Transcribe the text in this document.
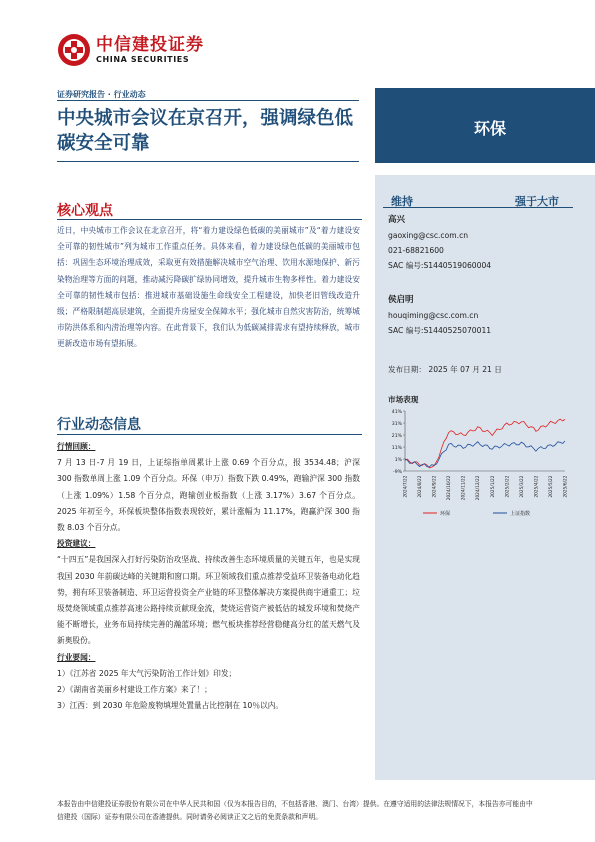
中信建投证券
CHINA SECURITIES
证券研究报告 · 行业动态
中央城市会议在京召开，强调绿色低碳安全可靠
环保
维持	强于大市
高兴
gaoxing@csc.com.cn
021-68821600
SAC 编号:S1440519060004
侯启明
houqiming@csc.com.cn
SAC 编号:S1440525070011
发布日期： 2025 年 07 月 21 日
市场表现
41%
31%
21%
11%
1%
-9%
2024/7/22 2024/8/22 2024/9/22 2024/10/22 2024/11/22 2024/12/22 2025/1/22 2025/2/22 2025/3/22 2025/4/22 2025/5/22 2025/6/22
环保	上证指数
核心观点
近日，中央城市工作会议在北京召开，将“着力建设绿色低碳的美丽城市”及“着力建设安全可靠的韧性城市”列为城市工作重点任务。具体来看，着力建设绿色低碳的美丽城市包括：巩固生态环境治理成效，采取更有效措施解决城市空气治理、饮用水源地保护、新污染物治理等方面的问题，推动减污降碳扩绿协同增效，提升城市生物多样性。着力建设安全可靠的韧性城市包括：推进城市基础设施生命线安全工程建设，加快老旧管线改造升级；严格限制超高层建筑，全面提升房屋安全保障水平；强化城市自然灾害防治，统筹城市防洪体系和内涝治理等内容。在此背景下，我们认为低碳减排需求有望持续释放，城市更新改造市场有望拓展。
行业动态信息
行情回顾：
7 月 13 日-7 月 19 日，上证综指单周累计上涨 0.69 个百分点，报 3534.48；沪深 300 指数单周上涨 1.09 个百分点。环保（申万）指数下跌 0.49%，跑输沪深 300 指数（上涨 1.09%）1.58 个百分点，跑输创业板指数（上涨 3.17%）3.67 个百分点。2025 年初至今，环保板块整体指数表现较好，累计涨幅为 11.17%，跑赢沪深 300 指数 8.03 个百分点。
投资建议：
“十四五”是我国深入打好污染防治攻坚战、持续改善生态环境质量的关键五年，也是实现我国 2030 年前碳达峰的关键期和窗口期。环卫领域我们重点推荐受益环卫装备电动化趋势，拥有环卫装备制造、环卫运营投资全产业链的环卫整体解决方案提供商宇通重工；垃圾焚烧领域重点推荐高速公路持续贡献现金流，焚烧运营资产被低估的城发环境和焚烧产能不断增长，业务布局持续完善的瀚蓝环境；燃气板块推荐经营稳健高分红的蓝天燃气及新奥股份。
行业要闻：
1）《江苏省 2025 年大气污染防治工作计划》印发；
2）《湖南省美丽乡村建设工作方案》来了！；
3）江西：到 2030 年危险废物填埋处置量占比控制在 10％以内。
本报告由中信建投证券股份有限公司在中华人民共和国（仅为本报告目的，不包括香港、澳门、台湾）提供。在遵守适用的法律法规情况下，本报告亦可能由中信建投（国际）证券有限公司在香港提供。同时请务必阅读正文之后的免责条款和声明。
